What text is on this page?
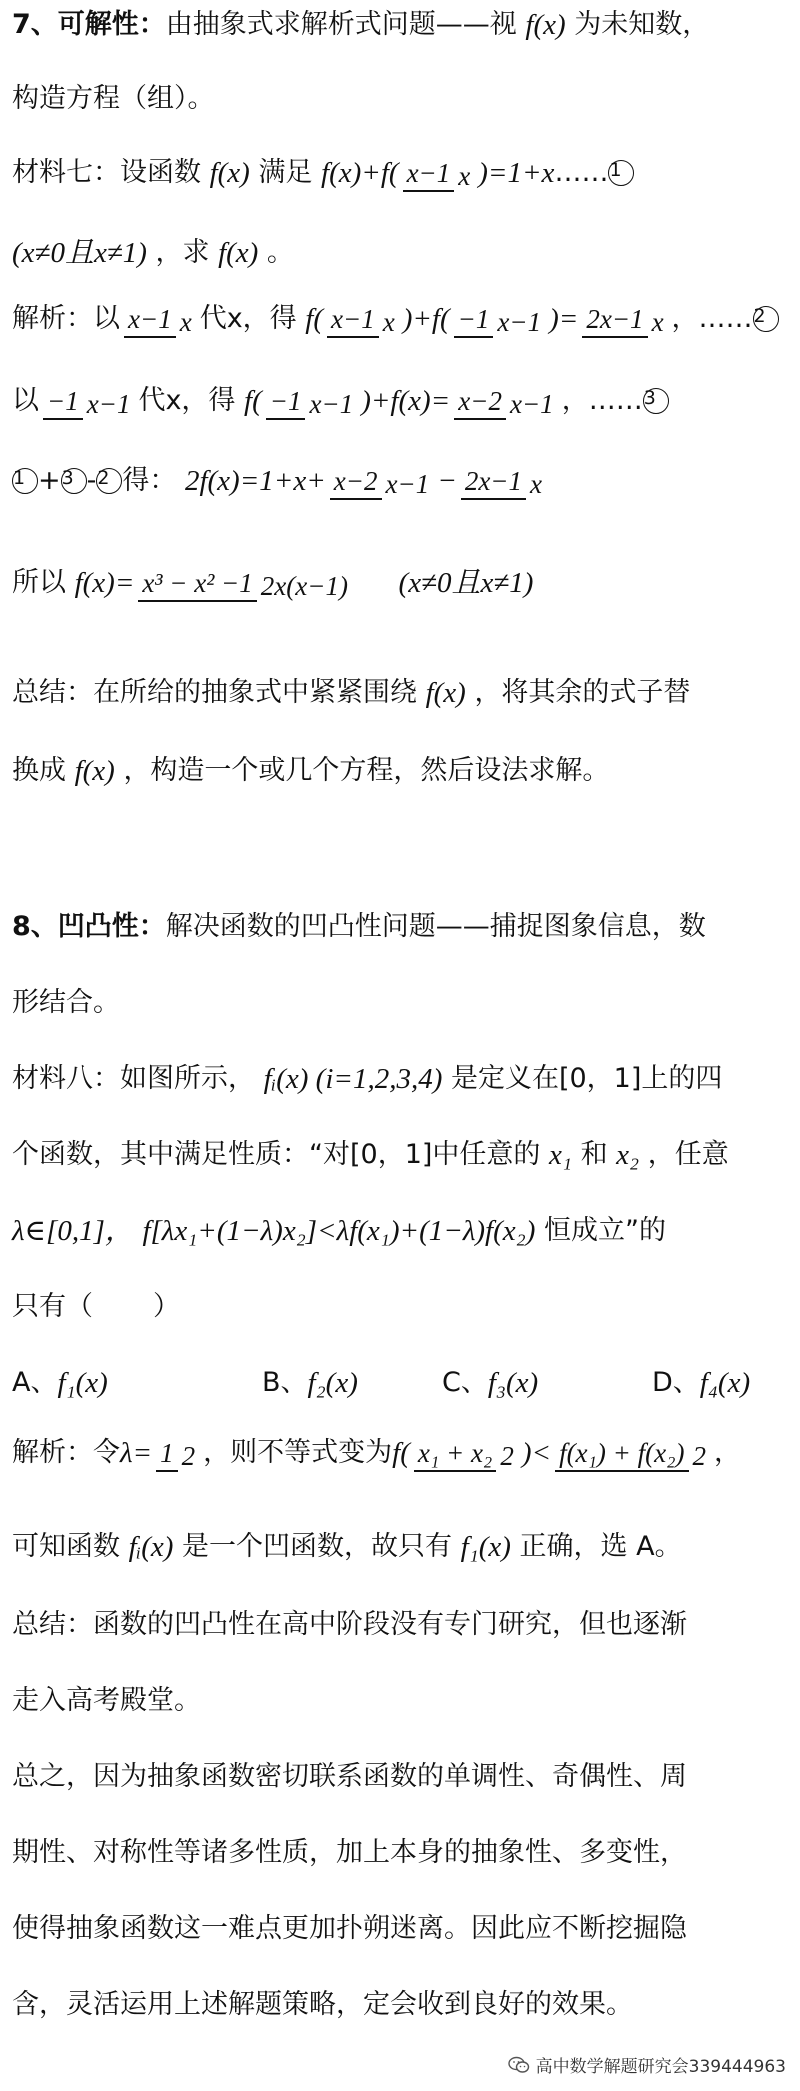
7、可解性：由抽象式求解析式问题——视 f(x) 为未知数，
构造方程（组）。
材料七：设函数 f(x) 满足 f(x)+f( x−1 x )=1+x……1
(x≠0且x≠1) ，求 f(x) 。
解析：以 x−1 x 代x，得 f( x−1 x )+f( −1 x−1 )= 2x−1 x ，……2
以 −1 x−1 代x，得 f( −1 x−1 )+f(x)= x−2 x−1 ，……3
1 +3 -2 得： 2f(x)=1+x+ x−2 x−1 − 2x−1 x
所以 f(x)= x³ − x² −1 2x(x−1) (x≠0且x≠1)
总结：在所给的抽象式中紧紧围绕 f(x) ，将其余的式子替
换成 f(x) ，构造一个或几个方程，然后设法求解。
8、凹凸性：解决函数的凹凸性问题——捕捉图象信息，数
形结合。
材料八：如图所示， fᵢ(x) (i=1,2,3,4) 是定义在[0，1]上的四
个函数，其中满足性质：“对[0，1]中任意的 x₁ 和 x₂ ，任意
λ∈[0,1]， f[λx₁+(1−λ)x₂]<λf(x₁)+(1−λ)f(x₂) 恒成立”的
只有（ ）
A、f₁(x)	B、f₂(x)	C、f₃(x)	D、f₄(x)
解析：令λ= 1 2 ，则不等式变为f( x₁ + x₂ 2 )< f(x₁) + f(x₂) 2 ，
可知函数 fᵢ(x) 是一个凹函数，故只有 f₁(x) 正确，选 A。
总结：函数的凹凸性在高中阶段没有专门研究，但也逐渐
走入高考殿堂。
总之，因为抽象函数密切联系函数的单调性、奇偶性、周
期性、对称性等诸多性质，加上本身的抽象性、多变性，
使得抽象函数这一难点更加扑朔迷离。因此应不断挖掘隐
含，灵活运用上述解题策略，定会收到良好的效果。
高中数学解题研究会339444963
